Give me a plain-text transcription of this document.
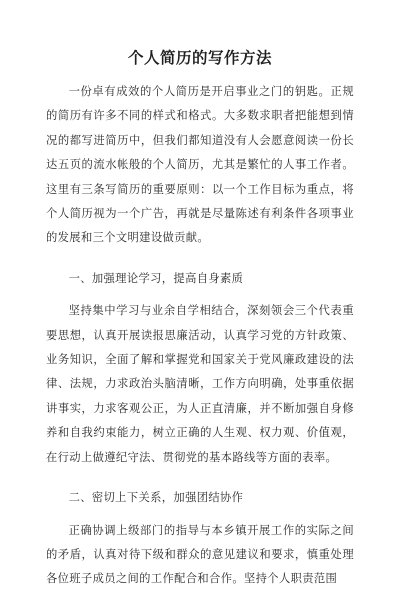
个人简历的写作方法

一份卓有成效的个人简历是开启事业之门的钥匙。正规的简历有许多不同的样式和格式。大多数求职者把能想到情况的都写进简历中，但我们都知道没有人会愿意阅读一份长达五页的流水帐般的个人简历，尤其是繁忙的人事工作者。这里有三条写简历的重要原则：以一个工作目标为重点，将个人简历视为一个广告，再就是尽量陈述有利条件各项事业的发展和三个文明建设做贡献。

一、加强理论学习，提高自身素质

坚持集中学习与业余自学相结合，深刻领会三个代表重要思想，认真开展读报思廉活动，认真学习党的方针政策、业务知识，全面了解和掌握党和国家关于党风廉政建设的法律、法规，力求政治头脑清晰，工作方向明确，处事重依据讲事实，力求客观公正，为人正直清廉，并不断加强自身修养和自我约束能力，树立正确的人生观、权力观、价值观，在行动上做遵纪守法、贯彻党的基本路线等方面的表率。

二、密切上下关系，加强团结协作

正确协调上级部门的指导与本乡镇开展工作的实际之间的矛盾，认真对待下级和群众的意见建议和要求，慎重处理各位班子成员之间的工作配合和合作。坚持个人职责范围
